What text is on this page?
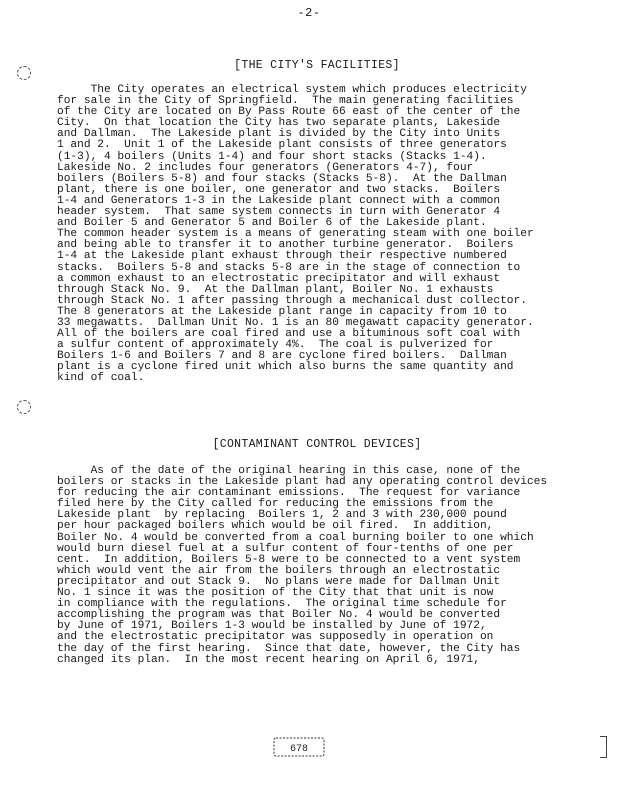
-2-
[THE CITY'S FACILITIES]
The City operates an electrical system which produces electricity
for sale in the City of Springfield.  The main generating facilities
of the City are located on By Pass Route 66 east of the center of the
City.  On that location the City has two separate plants, Lakeside
and Dallman.  The Lakeside plant is divided by the City into Units
1 and 2.  Unit 1 of the Lakeside plant consists of three generators
(1-3), 4 boilers (Units 1-4) and four short stacks (Stacks 1-4).
Lakeside No. 2 includes four generators (Generators 4-7), four
boilers (Boilers 5-8) and four stacks (Stacks 5-8).  At the Dallman
plant, there is one boiler, one generator and two stacks.  Boilers
1-4 and Generators 1-3 in the Lakeside plant connect with a common
header system.  That same system connects in turn with Generator 4
and Boiler 5 and Generator 5 and Boiler 6 of the Lakeside plant.
The common header system is a means of generating steam with one boiler
and being able to transfer it to another turbine generator.  Boilers
1-4 at the Lakeside plant exhaust through their respective numbered
stacks.  Boilers 5-8 and stacks 5-8 are in the stage of connection to
a common exhaust to an electrostatic precipitator and will exhaust
through Stack No. 9.  At the Dallman plant, Boiler No. 1 exhausts
through Stack No. 1 after passing through a mechanical dust collector.
The 8 generators at the Lakeside plant range in capacity from 10 to
33 megawatts.  Dallman Unit No. 1 is an 80 megawatt capacity generator.
All of the boilers are coal fired and use a bituminous soft coal with
a sulfur content of approximately 4%.  The coal is pulverized for
Boilers 1-6 and Boilers 7 and 8 are cyclone fired boilers.  Dallman
plant is a cyclone fired unit which also burns the same quantity and
kind of coal.
[CONTAMINANT CONTROL DEVICES]
As of the date of the original hearing in this case, none of the
boilers or stacks in the Lakeside plant had any operating control devices
for reducing the air contaminant emissions.  The request for variance
filed here by the City called for reducing the emissions from the
Lakeside plant  by replacing  Boilers 1, 2 and 3 with 230,000 pound
per hour packaged boilers which would be oil fired.  In addition,
Boiler No. 4 would be converted from a coal burning boiler to one which
would burn diesel fuel at a sulfur content of four-tenths of one per
cent.  In addition, Boilers 5-8 were to be connected to a vent system
which would vent the air from the boilers through an electrostatic
precipitator and out Stack 9.  No plans were made for Dallman Unit
No. 1 since it was the position of the City that that unit is now
in compliance with the regulations.  The original time schedule for
accomplishing the program was that Boiler No. 4 would be converted
by June of 1971, Boilers 1-3 would be installed by June of 1972,
and the electrostatic precipitator was supposedly in operation on
the day of the first hearing.  Since that date, however, the City has
changed its plan.  In the most recent hearing on April 6, 1971,
678
